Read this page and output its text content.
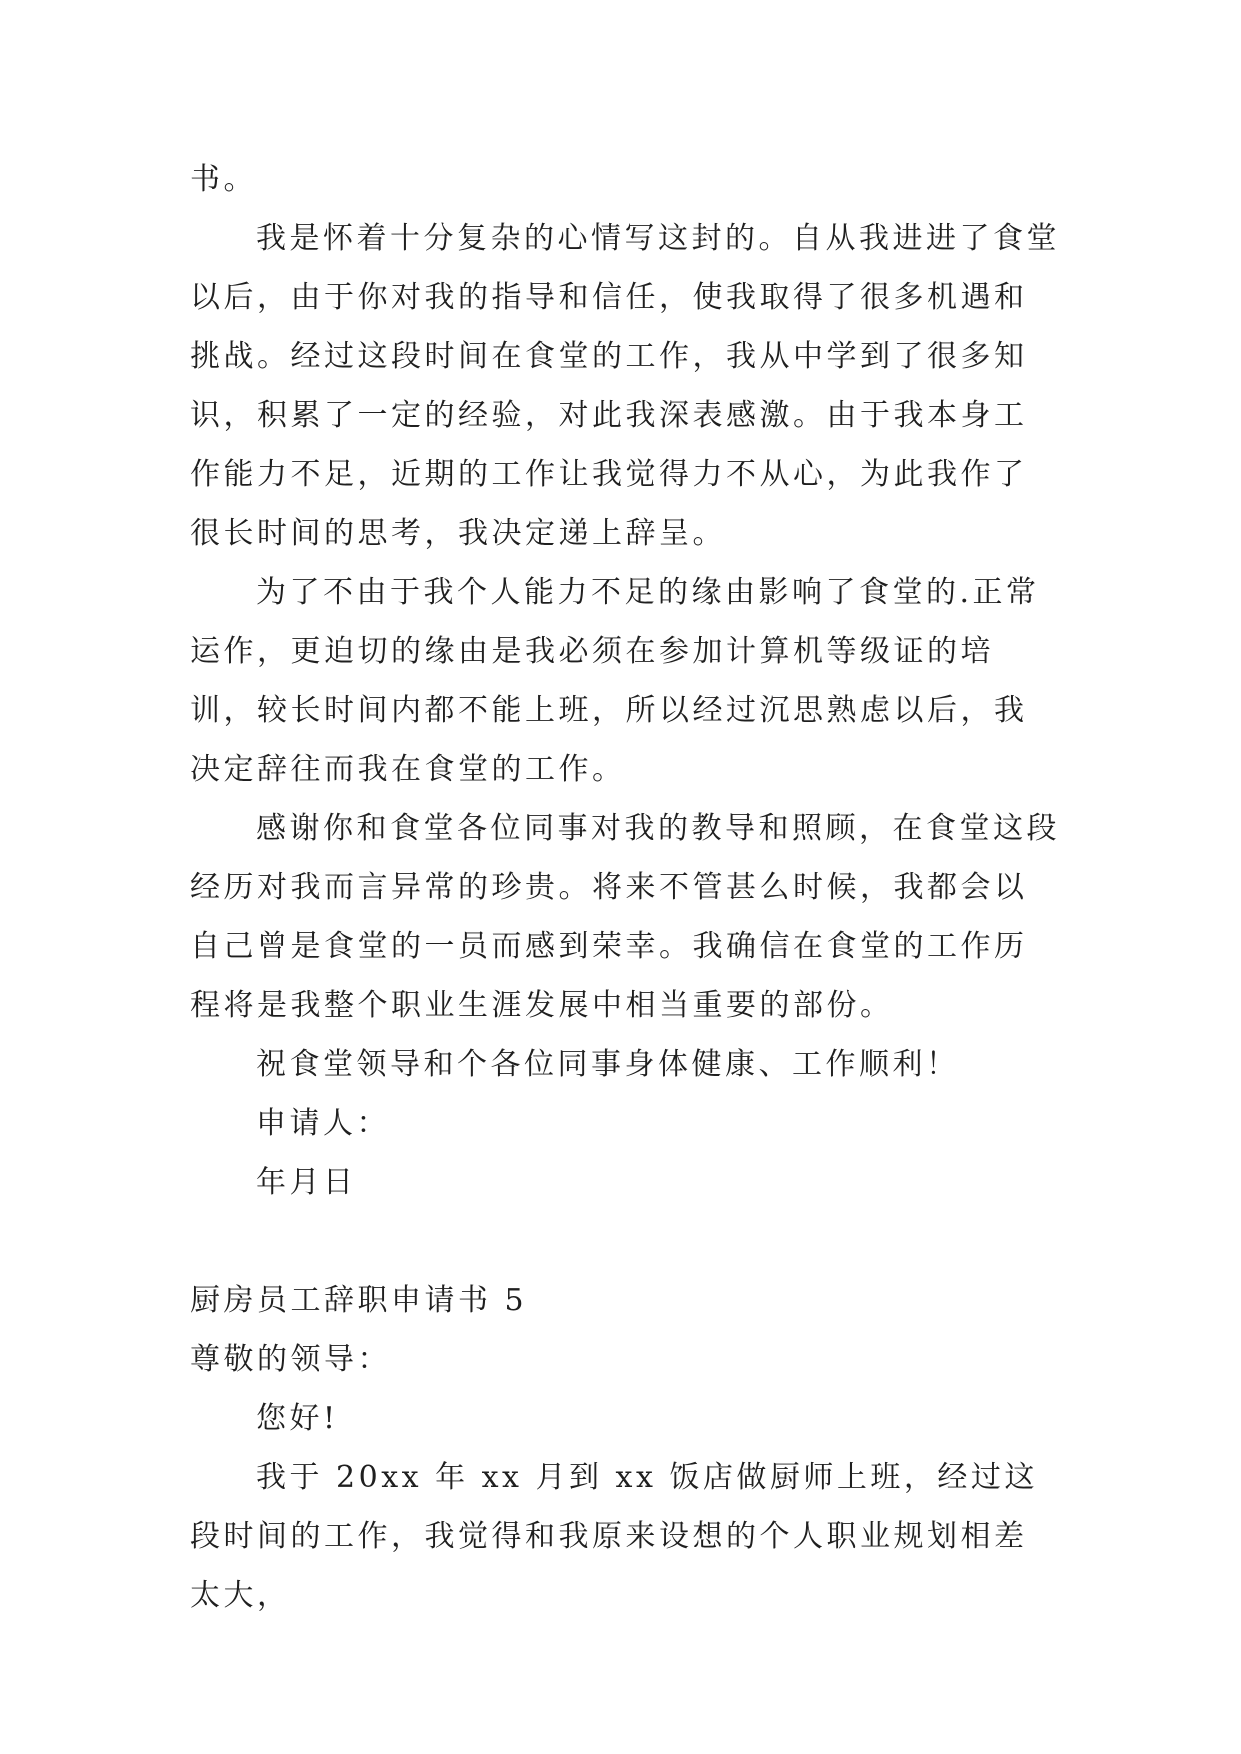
书。

我是怀着十分复杂的心情写这封的。自从我进进了食堂以后，由于你对我的指导和信任，使我取得了很多机遇和挑战。经过这段时间在食堂的工作，我从中学到了很多知识，积累了一定的经验，对此我深表感激。由于我本身工作能力不足，近期的工作让我觉得力不从心，为此我作了很长时间的思考，我决定递上辞呈。

为了不由于我个人能力不足的缘由影响了食堂的.正常运作，更迫切的缘由是我必须在参加计算机等级证的培训，较长时间内都不能上班，所以经过沉思熟虑以后，我决定辞往而我在食堂的工作。

感谢你和食堂各位同事对我的教导和照顾，在食堂这段经历对我而言异常的珍贵。将来不管甚么时候，我都会以自己曾是食堂的一员而感到荣幸。我确信在食堂的工作历程将是我整个职业生涯发展中相当重要的部份。

祝食堂领导和个各位同事身体健康、工作顺利！

申请人：

年月日

厨房员工辞职申请书 5

尊敬的领导：

您好!

我于 20xx 年 xx 月到 xx 饭店做厨师上班，经过这段时间的工作，我觉得和我原来设想的个人职业规划相差太大，
